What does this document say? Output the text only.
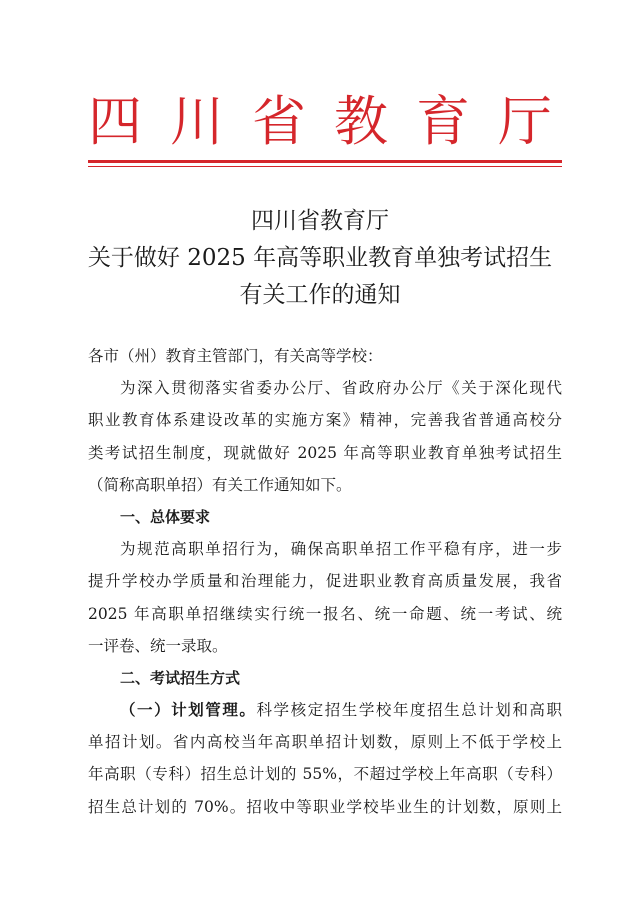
四川省教育厅
四川省教育厅
关于做好 2025 年高等职业教育单独考试招生
有关工作的通知
各市（州）教育主管部门，有关高等学校：
为深入贯彻落实省委办公厅、省政府办公厅《关于深化现代
职业教育体系建设改革的实施方案》精神，完善我省普通高校分
类考试招生制度，现就做好 2025 年高等职业教育单独考试招生
（简称高职单招）有关工作通知如下。
一、总体要求
为规范高职单招行为，确保高职单招工作平稳有序，进一步
提升学校办学质量和治理能力，促进职业教育高质量发展，我省
2025 年高职单招继续实行统一报名、统一命题、统一考试、统
一评卷、统一录取。
二、考试招生方式
（一）计划管理。科学核定招生学校年度招生总计划和高职
单招计划。省内高校当年高职单招计划数，原则上不低于学校上
年高职（专科）招生总计划的 55%，不超过学校上年高职（专科）
招生总计划的 70%。招收中等职业学校毕业生的计划数，原则上
